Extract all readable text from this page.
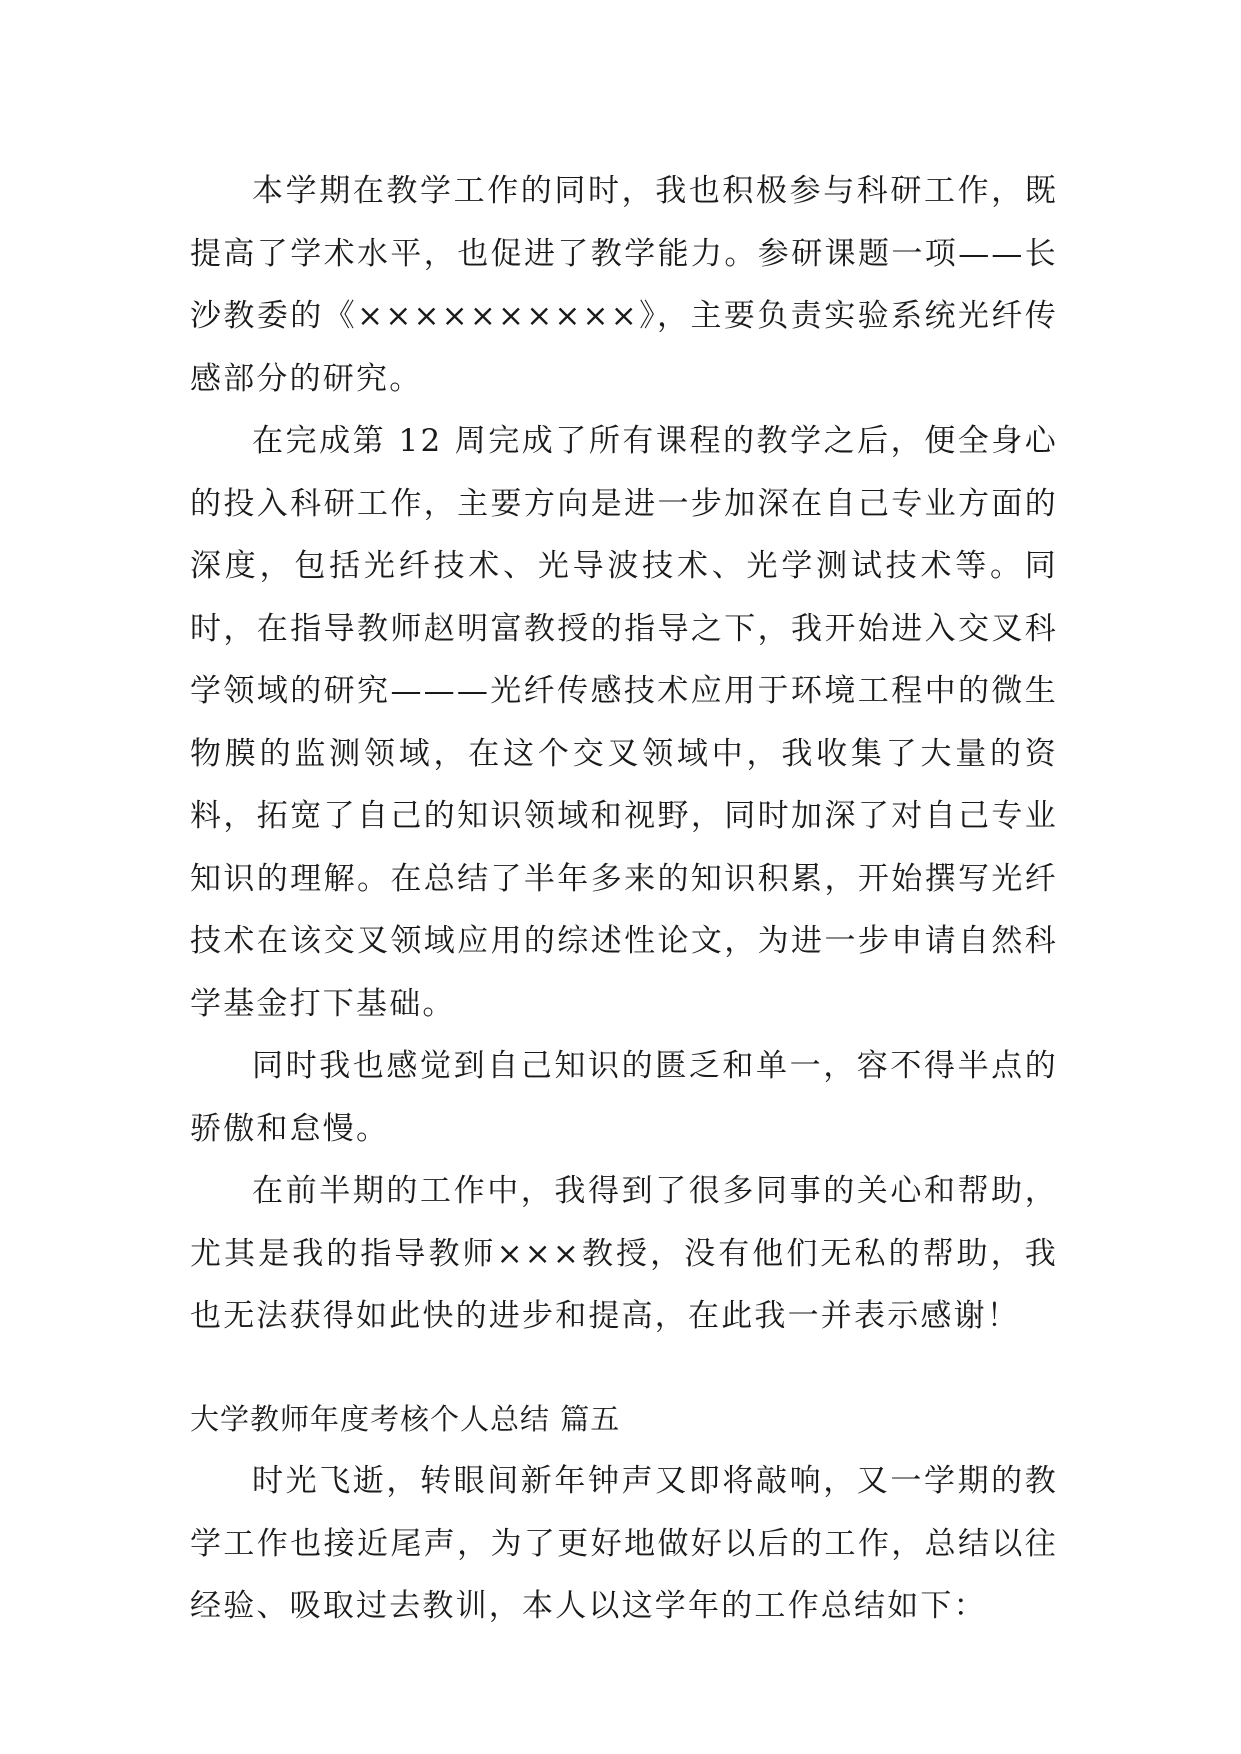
本学期在教学工作的同时，我也积极参与科研工作，既提高了学术水平，也促进了教学能力。参研课题一项——长沙教委的《××××××××××》，主要负责实验系统光纤传感部分的研究。

在完成第 12 周完成了所有课程的教学之后，便全身心的投入科研工作，主要方向是进一步加深在自己专业方面的深度，包括光纤技术、光导波技术、光学测试技术等。同时，在指导教师赵明富教授的指导之下，我开始进入交叉科学领域的研究———光纤传感技术应用于环境工程中的微生物膜的监测领域，在这个交叉领域中，我收集了大量的资料，拓宽了自己的知识领域和视野，同时加深了对自己专业知识的理解。在总结了半年多来的知识积累，开始撰写光纤技术在该交叉领域应用的综述性论文，为进一步申请自然科学基金打下基础。

同时我也感觉到自己知识的匮乏和单一，容不得半点的骄傲和怠慢。

在前半期的工作中，我得到了很多同事的关心和帮助，尤其是我的指导教师×××教授，没有他们无私的帮助，我也无法获得如此快的进步和提高，在此我一并表示感谢！

大学教师年度考核个人总结 篇五

时光飞逝，转眼间新年钟声又即将敲响，又一学期的教学工作也接近尾声，为了更好地做好以后的工作，总结以往经验、吸取过去教训，本人以这学年的工作总结如下：
